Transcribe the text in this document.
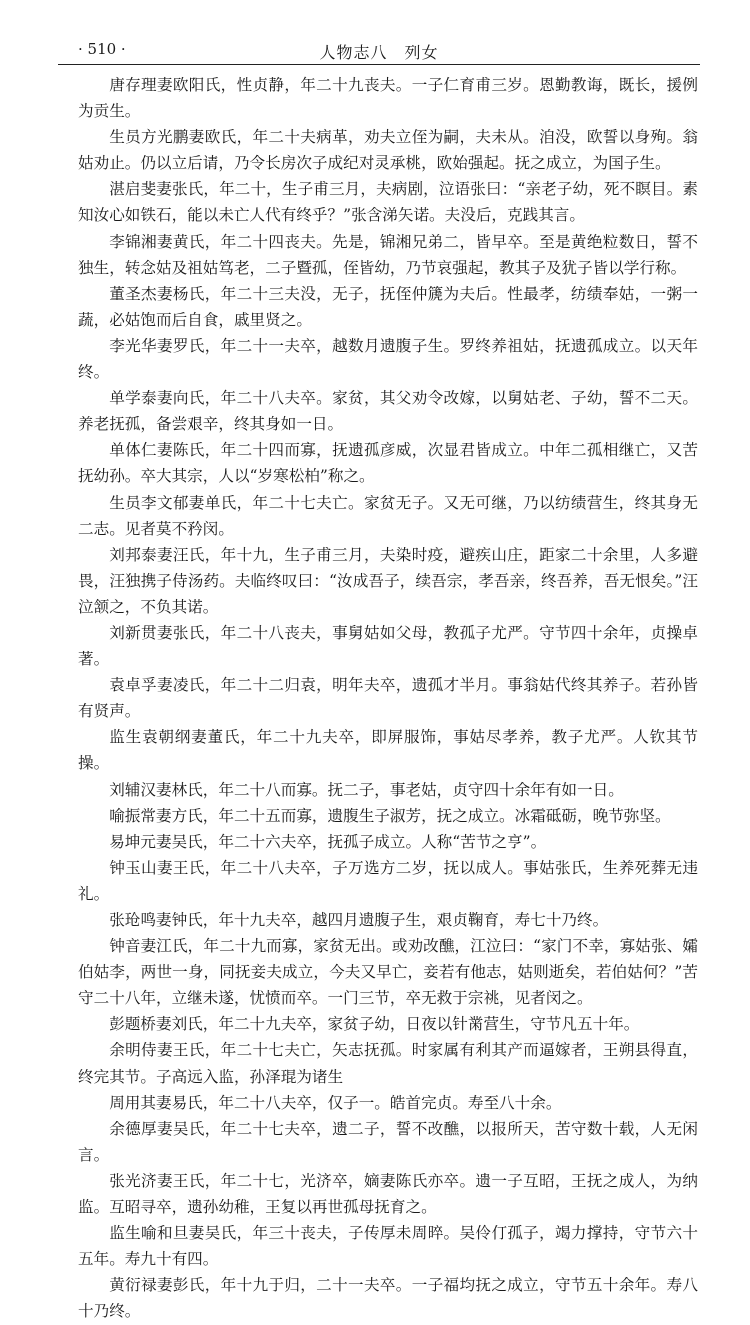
· 510 ·	人物志八　列女

唐存理妻欧阳氏，性贞静，年二十九丧夫。一子仁育甫三岁。恩勤教诲，既长，援例为贡生。

生员方光鹏妻欧氏，年二十夫病革，劝夫立侄为嗣，夫未从。洎没，欧誓以身殉。翁姑劝止。仍以立后请，乃令长房次子成纪对灵承桃，欧始强起。抚之成立，为国子生。

湛启斐妻张氏，年二十，生子甫三月，夫病剧，泣语张曰：“亲老子幼，死不瞑目。素知汝心如铁石，能以未亡人代有终乎？”张含涕矢诺。夫没后，克践其言。

李锦湘妻黄氏，年二十四丧夫。先是，锦湘兄弟二，皆早卒。至是黄绝粒数日，誓不独生，转念姑及祖姑笃老，二子暨孤，侄皆幼，乃节哀强起，教其子及犹子皆以学行称。

董圣杰妻杨氏，年二十三夫没，无子，抚侄仲篪为夫后。性最孝，纺绩奉姑，一粥一蔬，必姑饱而后自食，戚里贤之。

李光华妻罗氏，年二十一夫卒，越数月遗腹子生。罗终养祖姑，抚遗孤成立。以天年终。

单学泰妻向氏，年二十八夫卒。家贫，其父劝令改嫁，以舅姑老、子幼，誓不二天。养老抚孤，备尝艰辛，终其身如一日。

单体仁妻陈氏，年二十四而寡，抚遗孤彦威，次显君皆成立。中年二孤相继亡，又苦抚幼孙。卒大其宗，人以“岁寒松柏”称之。

生员李文郁妻单氏，年二十七夫亡。家贫无子。又无可继，乃以纺绩营生，终其身无二志。见者莫不矜闵。

刘邦泰妻汪氏，年十九，生子甫三月，夫染时疫，避疾山庄，距家二十余里，人多避畏，汪独携子侍汤药。夫临终叹曰：“汝成吾子，续吾宗，孝吾亲，终吾养，吾无恨矣。”汪泣颔之，不负其诺。

刘新贯妻张氏，年二十八丧夫，事舅姑如父母，教孤子尤严。守节四十余年，贞操卓著。

袁卓孚妻凌氏，年二十二归袁，明年夫卒，遗孤才半月。事翁姑代终其养子。若孙皆有贤声。

监生袁朝纲妻董氏，年二十九夫卒，即屏服饰，事姑尽孝养，教子尤严。人钦其节操。

刘辅汉妻林氏，年二十八而寡。抚二子，事老姑，贞守四十余年有如一日。

喻振常妻方氏，年二十五而寡，遗腹生子淑芳，抚之成立。冰霜砥砺，晚节弥坚。

易坤元妻吴氏，年二十六夫卒，抚孤子成立。人称“苦节之亨”。

钟玉山妻王氏，年二十八夫卒，子万选方二岁，抚以成人。事姑张氏，生养死葬无违礼。

张玱鸣妻钟氏，年十九夫卒，越四月遗腹子生，艰贞鞠育，寿七十乃终。

钟音妻江氏，年二十九而寡，家贫无出。或劝改醮，江泣曰：“家门不幸，寡姑张、孀伯姑李，两世一身，同抚妾夫成立，今夫又早亡，妾若有他志，姑则逝矣，若伯姑何？”苦守二十八年，立继未遂，忧愤而卒。一门三节，卒无救于宗祧，见者闵之。

彭题桥妻刘氏，年二十九夫卒，家贫子幼，日夜以针黹营生，守节凡五十年。

余明侍妻王氏，年二十七夫亡，矢志抚孤。时家属有利其产而逼嫁者，王朔县得直，终完其节。子高远入监，孙泽琨为诸生

周用其妻易氏，年二十八夫卒，仅子一。皓首完贞。寿至八十余。

余德厚妻吴氏，年二十七夫卒，遗二子，誓不改醮，以报所天，苦守数十载，人无闲言。

张光济妻王氏，年二十七，光济卒，嫡妻陈氏亦卒。遗一子互昭，王抚之成人，为纳监。互昭寻卒，遗孙幼稚，王复以再世孤母抚育之。

监生喻和旦妻吴氏，年三十丧夫，子传厚未周晬。吴伶仃孤子，竭力撑持，守节六十五年。寿九十有四。

黄衍禄妻彭氏，年十九于归，二十一夫卒。一子福均抚之成立，守节五十余年。寿八十乃终。
